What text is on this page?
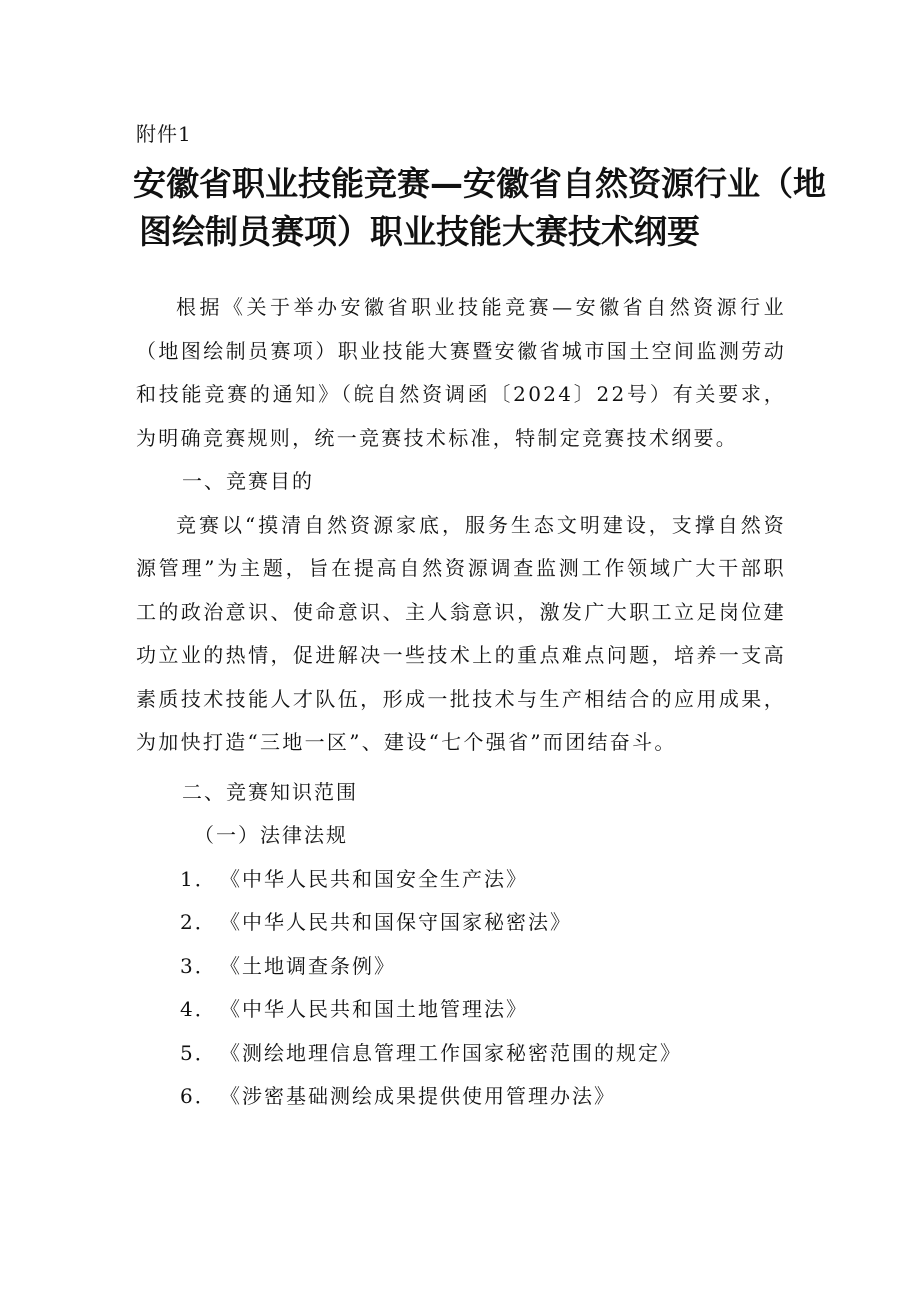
附件1
安徽省职业技能竞赛—安徽省自然资源行业（地
图绘制员赛项）职业技能大赛技术纲要

根据《关于举办安徽省职业技能竞赛—安徽省自然资源行业（地图绘制员赛项）职业技能大赛暨安徽省城市国土空间监测劳动和技能竞赛的通知》（皖自然资调函〔2024〕22号）有关要求，为明确竞赛规则，统一竞赛技术标准，特制定竞赛技术纲要。

一、竞赛目的

竞赛以“摸清自然资源家底，服务生态文明建设，支撑自然资源管理”为主题，旨在提高自然资源调查监测工作领域广大干部职工的政治意识、使命意识、主人翁意识，激发广大职工立足岗位建功立业的热情，促进解决一些技术上的重点难点问题，培养一支高素质技术技能人才队伍，形成一批技术与生产相结合的应用成果，为加快打造“三地一区”、建设“七个强省”而团结奋斗。

二、竞赛知识范围

（一）法律法规

1． 《中华人民共和国安全生产法》
2． 《中华人民共和国保守国家秘密法》
3． 《土地调查条例》
4． 《中华人民共和国土地管理法》
5． 《测绘地理信息管理工作国家秘密范围的规定》
6． 《涉密基础测绘成果提供使用管理办法》
